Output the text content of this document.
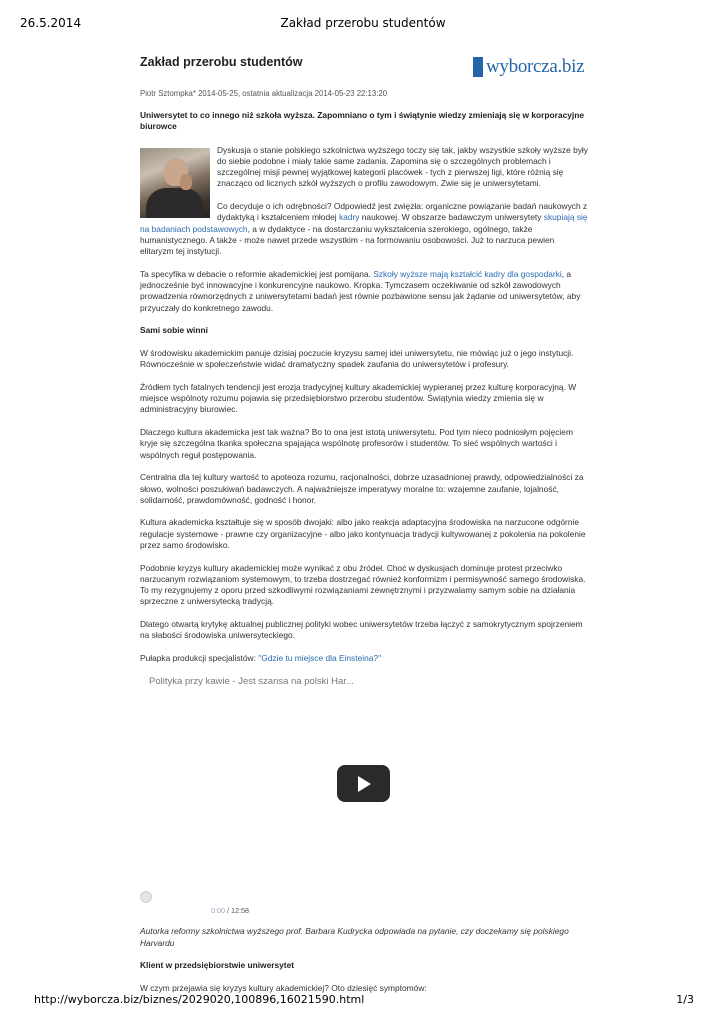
26.5.2014	Zakład przerobu studentów
Zakład przerobu studentów	wyborcza.biz
Piotr Sztompka* 2014-05-25, ostatnia aktualizacja 2014-05-23 22:13:20
Uniwersytet to co innego niż szkoła wyższa. Zapomniano o tym i świątynie wiedzy zmieniają się w korporacyjne biurowce

Dyskusja o stanie polskiego szkolnictwa wyższego toczy się tak, jakby wszystkie szkoły wyższe były do siebie podobne i miały takie same zadania. Zapomina się o szczególnych problemach i szczególnej misji pewnej wyjątkowej kategorii placówek - tych z pierwszej ligi, które różnią się znacząco od licznych szkół wyższych o profilu zawodowym. Zwie się je uniwersytetami.

Co decyduje o ich odrębności? Odpowiedź jest zwięzła: organiczne powiązanie badań naukowych z dydaktyką i kształceniem młodej kadry naukowej. W obszarze badawczym uniwersytety skupiają się na badaniach podstawowych, a w dydaktyce - na dostarczaniu wykształcenia szerokiego, ogólnego, także humanistycznego. A także - może nawet przede wszystkim - na formowaniu osobowości. Już to narzuca pewien elitaryzm tej instytucji.

Ta specyfika w debacie o reformie akademickiej jest pomijana. Szkoły wyższe mają kształcić kadry dla gospodarki, a jednocześnie być innowacyjne i konkurencyjne naukowo. Kropka. Tymczasem oczekiwanie od szkół zawodowych prowadzenia równorzędnych z uniwersytetami badań jest równie pozbawione sensu jak żądanie od uniwersytetów, aby przyuczały do konkretnego zawodu.

Sami sobie winni

W środowisku akademickim panuje dzisiaj poczucie kryzysu samej idei uniwersytetu, nie mówiąc już o jego instytucji. Równocześnie w społeczeństwie widać dramatyczny spadek zaufania do uniwersytetów i profesury.

Źródłem tych fatalnych tendencji jest erozja tradycyjnej kultury akademickiej wypieranej przez kulturę korporacyjną. W miejsce wspólnoty rozumu pojawia się przedsiębiorstwo przerobu studentów. Świątynia wiedzy zmienia się w administracyjny biurowiec.

Dlaczego kultura akademicka jest tak ważna? Bo to ona jest istotą uniwersytetu. Pod tym nieco podniosłym pojęciem kryje się szczególna tkanka społeczna spajająca wspólnotę profesorów i studentów. To sieć wspólnych wartości i wspólnych reguł postępowania.

Centralna dla tej kultury wartość to apoteoza rozumu, racjonalności, dobrze uzasadnionej prawdy, odpowiedzialności za słowo, wolności poszukiwań badawczych. A najważniejsze imperatywy moralne to: wzajemne zaufanie, lojalność, solidarność, prawdomówność, godność i honor.

Kultura akademicka kształtuje się w sposób dwojaki: albo jako reakcja adaptacyjna środowiska na narzucone odgórnie regulacje systemowe - prawne czy organizacyjne - albo jako kontynuacja tradycji kultywowanej z pokolenia na pokolenie przez samo środowisko.

Podobnie kryzys kultury akademickiej może wynikać z obu źródeł. Choć w dyskusjach dominuje protest przeciwko narzucanym rozwiązaniom systemowym, to trzeba dostrzegać również konformizm i permisywność samego środowiska. To my rezygnujemy z oporu przed szkodliwymi rozwiązaniami zewnętrznymi i przyzwalamy samym sobie na działania sprzeczne z uniwersytecką tradycją.

Dlatego otwartą krytykę aktualnej publicznej polityki wobec uniwersytetów trzeba łączyć z samokrytycznym spojrzeniem na słabości środowiska uniwersyteckiego.

Pułapka produkcji specjalistów: "Gdzie tu miejsce dla Einsteina?"

Polityka przy kawie - Jest szansa na polski Har...
0:00 / 12:58

Autorka reformy szkolnictwa wyższego prof. Barbara Kudrycka odpowiada na pytanie, czy doczekamy się polskiego Harvardu

Klient w przedsiębiorstwie uniwersytet

W czym przejawia się kryzys kultury akademickiej? Oto dziesięć symptomów:

http://wyborcza.biz/biznes/2029020,100896,16021590.html	1/3
